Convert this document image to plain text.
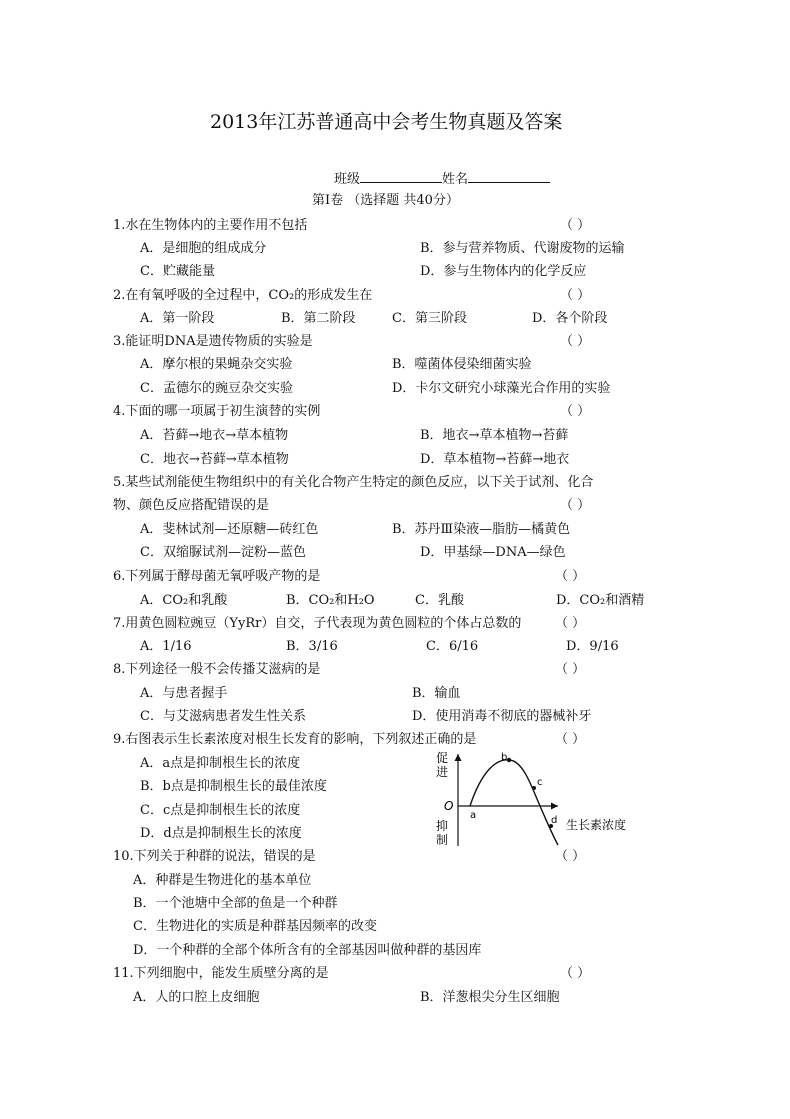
2013年江苏普通高中会考生物真题及答案
班级	姓名
第Ⅰ卷 （选择题 共40分）
1.水在生物体内的主要作用不包括	（ ）
A．是细胞的组成成分	B．参与营养物质、代谢废物的运输
C．贮藏能量	D．参与生物体内的化学反应
2.在有氧呼吸的全过程中，CO₂的形成发生在	（ ）
A．第一阶段	B．第二阶段	C．第三阶段	D．各个阶段
3.能证明DNA是遗传物质的实验是	（ ）
A．摩尔根的果蝇杂交实验	B．噬菌体侵染细菌实验
C．孟德尔的豌豆杂交实验	D．卡尔文研究小球藻光合作用的实验
4.下面的哪一项属于初生演替的实例	（ ）
A．苔藓→地衣→草本植物	B．地衣→草本植物→苔藓
C．地衣→苔藓→草本植物	D．草本植物→苔藓→地衣
5.某些试剂能使生物组织中的有关化合物产生特定的颜色反应，以下关于试剂、化合
物、颜色反应搭配错误的是	（ ）
A．斐林试剂—还原糖—砖红色	B．苏丹Ⅲ染液—脂肪—橘黄色
C．双缩脲试剂—淀粉—蓝色	D．甲基绿—DNA—绿色
6.下列属于酵母菌无氧呼吸产物的是	（ ）
A．CO₂和乳酸	B．CO₂和H₂O	C．乳酸	D．CO₂和酒精
7.用黄色圆粒豌豆（YyRr）自交，子代表现为黄色圆粒的个体占总数的	（ ）
A．1/16	B．3/16	C．6/16	D．9/16
8.下列途径一般不会传播艾滋病的是	（ ）
A．与患者握手	B．输血
C．与艾滋病患者发生性关系	D．使用消毒不彻底的器械补牙
9.右图表示生长素浓度对根生长发育的影响，下列叙述正确的是	（ ）
A．a点是抑制根生长的浓度
B．b点是抑制根生长的最佳浓度
C．c点是抑制根生长的浓度
D．d点是抑制根生长的浓度
促
进
O
抑
制
生长素浓度
a
b
c
d
10.下列关于种群的说法，错误的是	（ ）
A．种群是生物进化的基本单位
B．一个池塘中全部的鱼是一个种群
C．生物进化的实质是种群基因频率的改变
D．一个种群的全部个体所含有的全部基因叫做种群的基因库
11.下列细胞中，能发生质壁分离的是	（ ）
A．人的口腔上皮细胞	B．洋葱根尖分生区细胞
